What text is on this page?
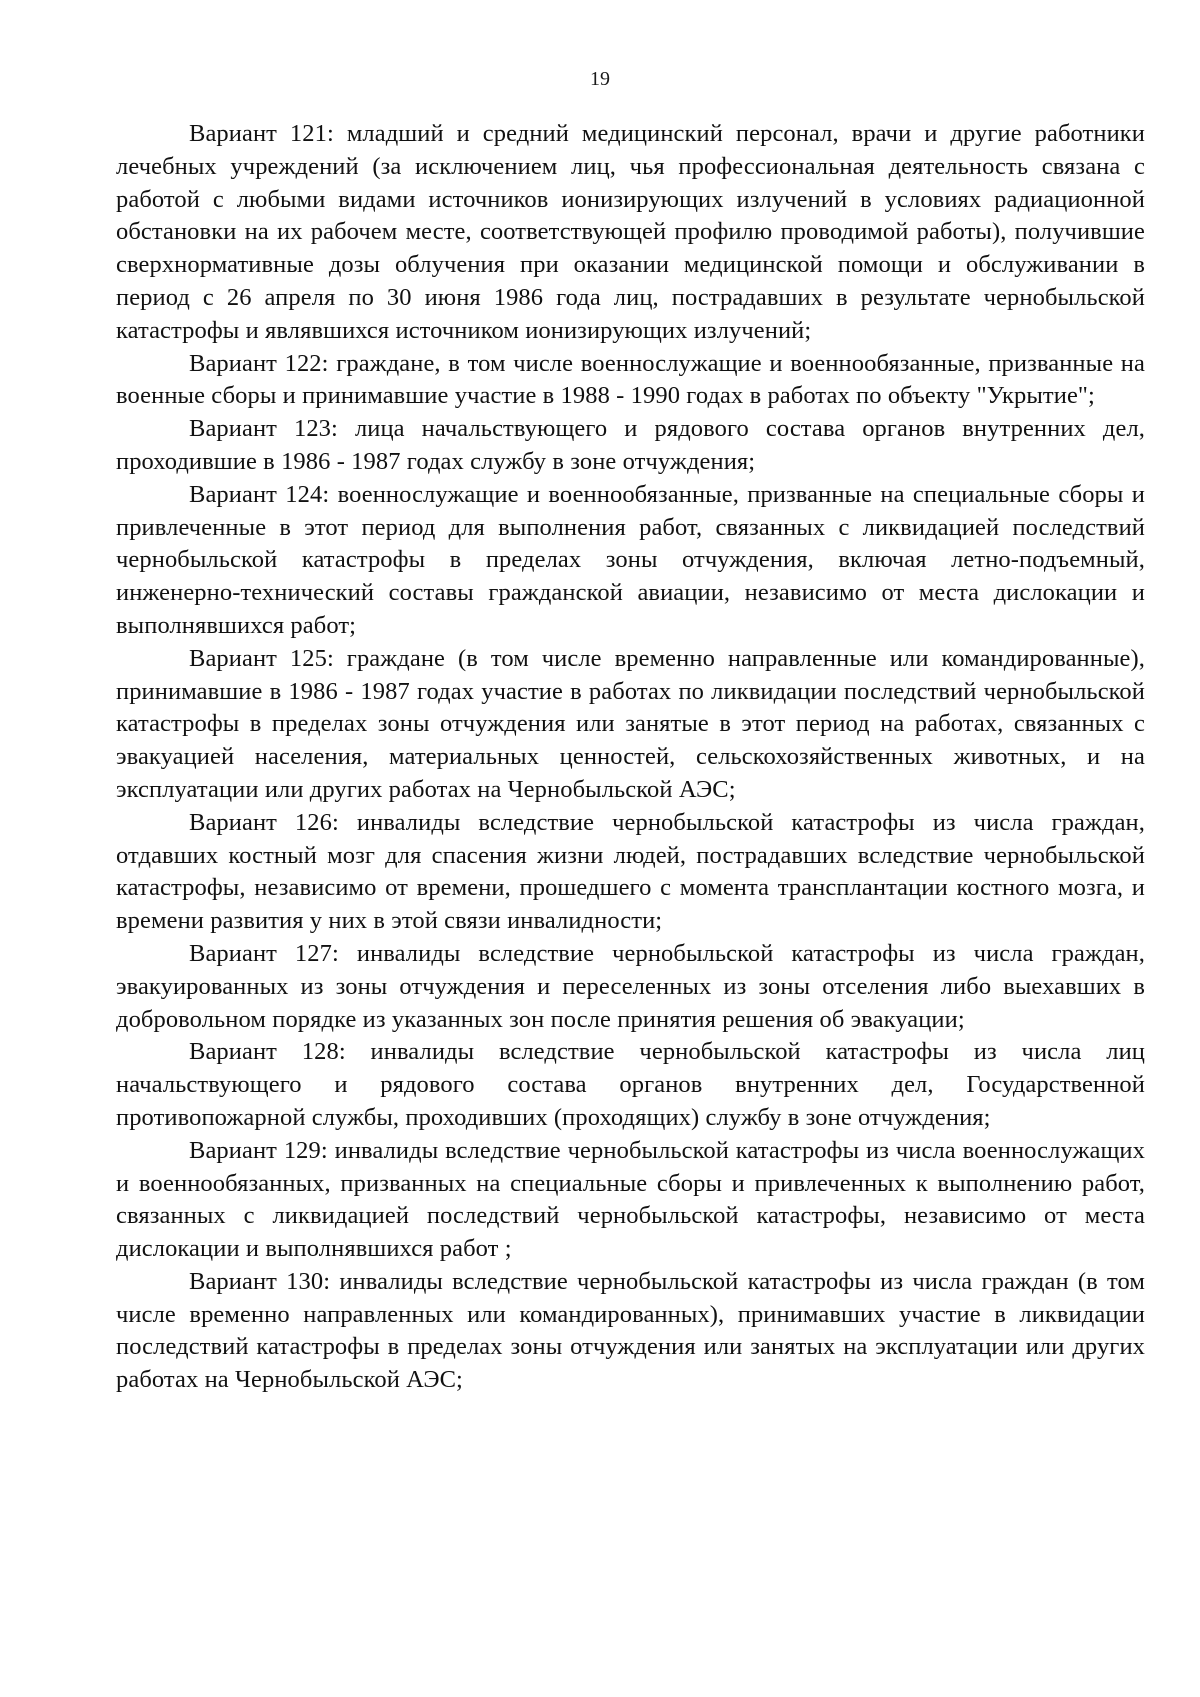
19

Вариант 121: младший и средний медицинский персонал, врачи и другие работники лечебных учреждений (за исключением лиц, чья профессиональная деятельность связана с работой с любыми видами источников ионизирующих излучений в условиях радиационной обстановки на их рабочем месте, соответствующей профилю проводимой работы), получившие сверхнормативные дозы облучения при оказании медицинской помощи и обслуживании в период с 26 апреля по 30 июня 1986 года лиц, пострадавших в результате чернобыльской катастрофы и являвшихся источником ионизирующих излучений;

Вариант 122: граждане, в том числе военнослужащие и военнообязанные, призванные на военные сборы и принимавшие участие в 1988 - 1990 годах в работах по объекту "Укрытие";

Вариант 123: лица начальствующего и рядового состава органов внутренних дел, проходившие в 1986 - 1987 годах службу в зоне отчуждения;

Вариант 124: военнослужащие и военнообязанные, призванные на специальные сборы и привлеченные в этот период для выполнения работ, связанных с ликвидацией последствий чернобыльской катастрофы в пределах зоны отчуждения, включая летно-подъемный, инженерно-технический составы гражданской авиации, независимо от места дислокации и выполнявшихся работ;

Вариант 125: граждане (в том числе временно направленные или командированные), принимавшие в 1986 - 1987 годах участие в работах по ликвидации последствий чернобыльской катастрофы в пределах зоны отчуждения или занятые в этот период на работах, связанных с эвакуацией населения, материальных ценностей, сельскохозяйственных животных, и на эксплуатации или других работах на Чернобыльской АЭС;

Вариант 126: инвалиды вследствие чернобыльской катастрофы из числа граждан, отдавших костный мозг для спасения жизни людей, пострадавших вследствие чернобыльской катастрофы, независимо от времени, прошедшего с момента трансплантации костного мозга, и времени развития у них в этой связи инвалидности;

Вариант 127: инвалиды вследствие чернобыльской катастрофы из числа граждан, эвакуированных из зоны отчуждения и переселенных из зоны отселения либо выехавших в добровольном порядке из указанных зон после принятия решения об эвакуации;

Вариант 128: инвалиды вследствие чернобыльской катастрофы из числа лиц начальствующего и рядового состава органов внутренних дел, Государственной противопожарной службы, проходивших (проходящих) службу в зоне отчуждения;

Вариант 129: инвалиды вследствие чернобыльской катастрофы из числа военнослужащих и военнообязанных, призванных на специальные сборы и привлеченных к выполнению работ, связанных с ликвидацией последствий чернобыльской катастрофы, независимо от места дислокации и выполнявшихся работ ;

Вариант 130: инвалиды вследствие чернобыльской катастрофы из числа граждан (в том числе временно направленных или командированных), принимавших участие в ликвидации последствий катастрофы в пределах зоны отчуждения или занятых на эксплуатации или других работах на Чернобыльской АЭС;
